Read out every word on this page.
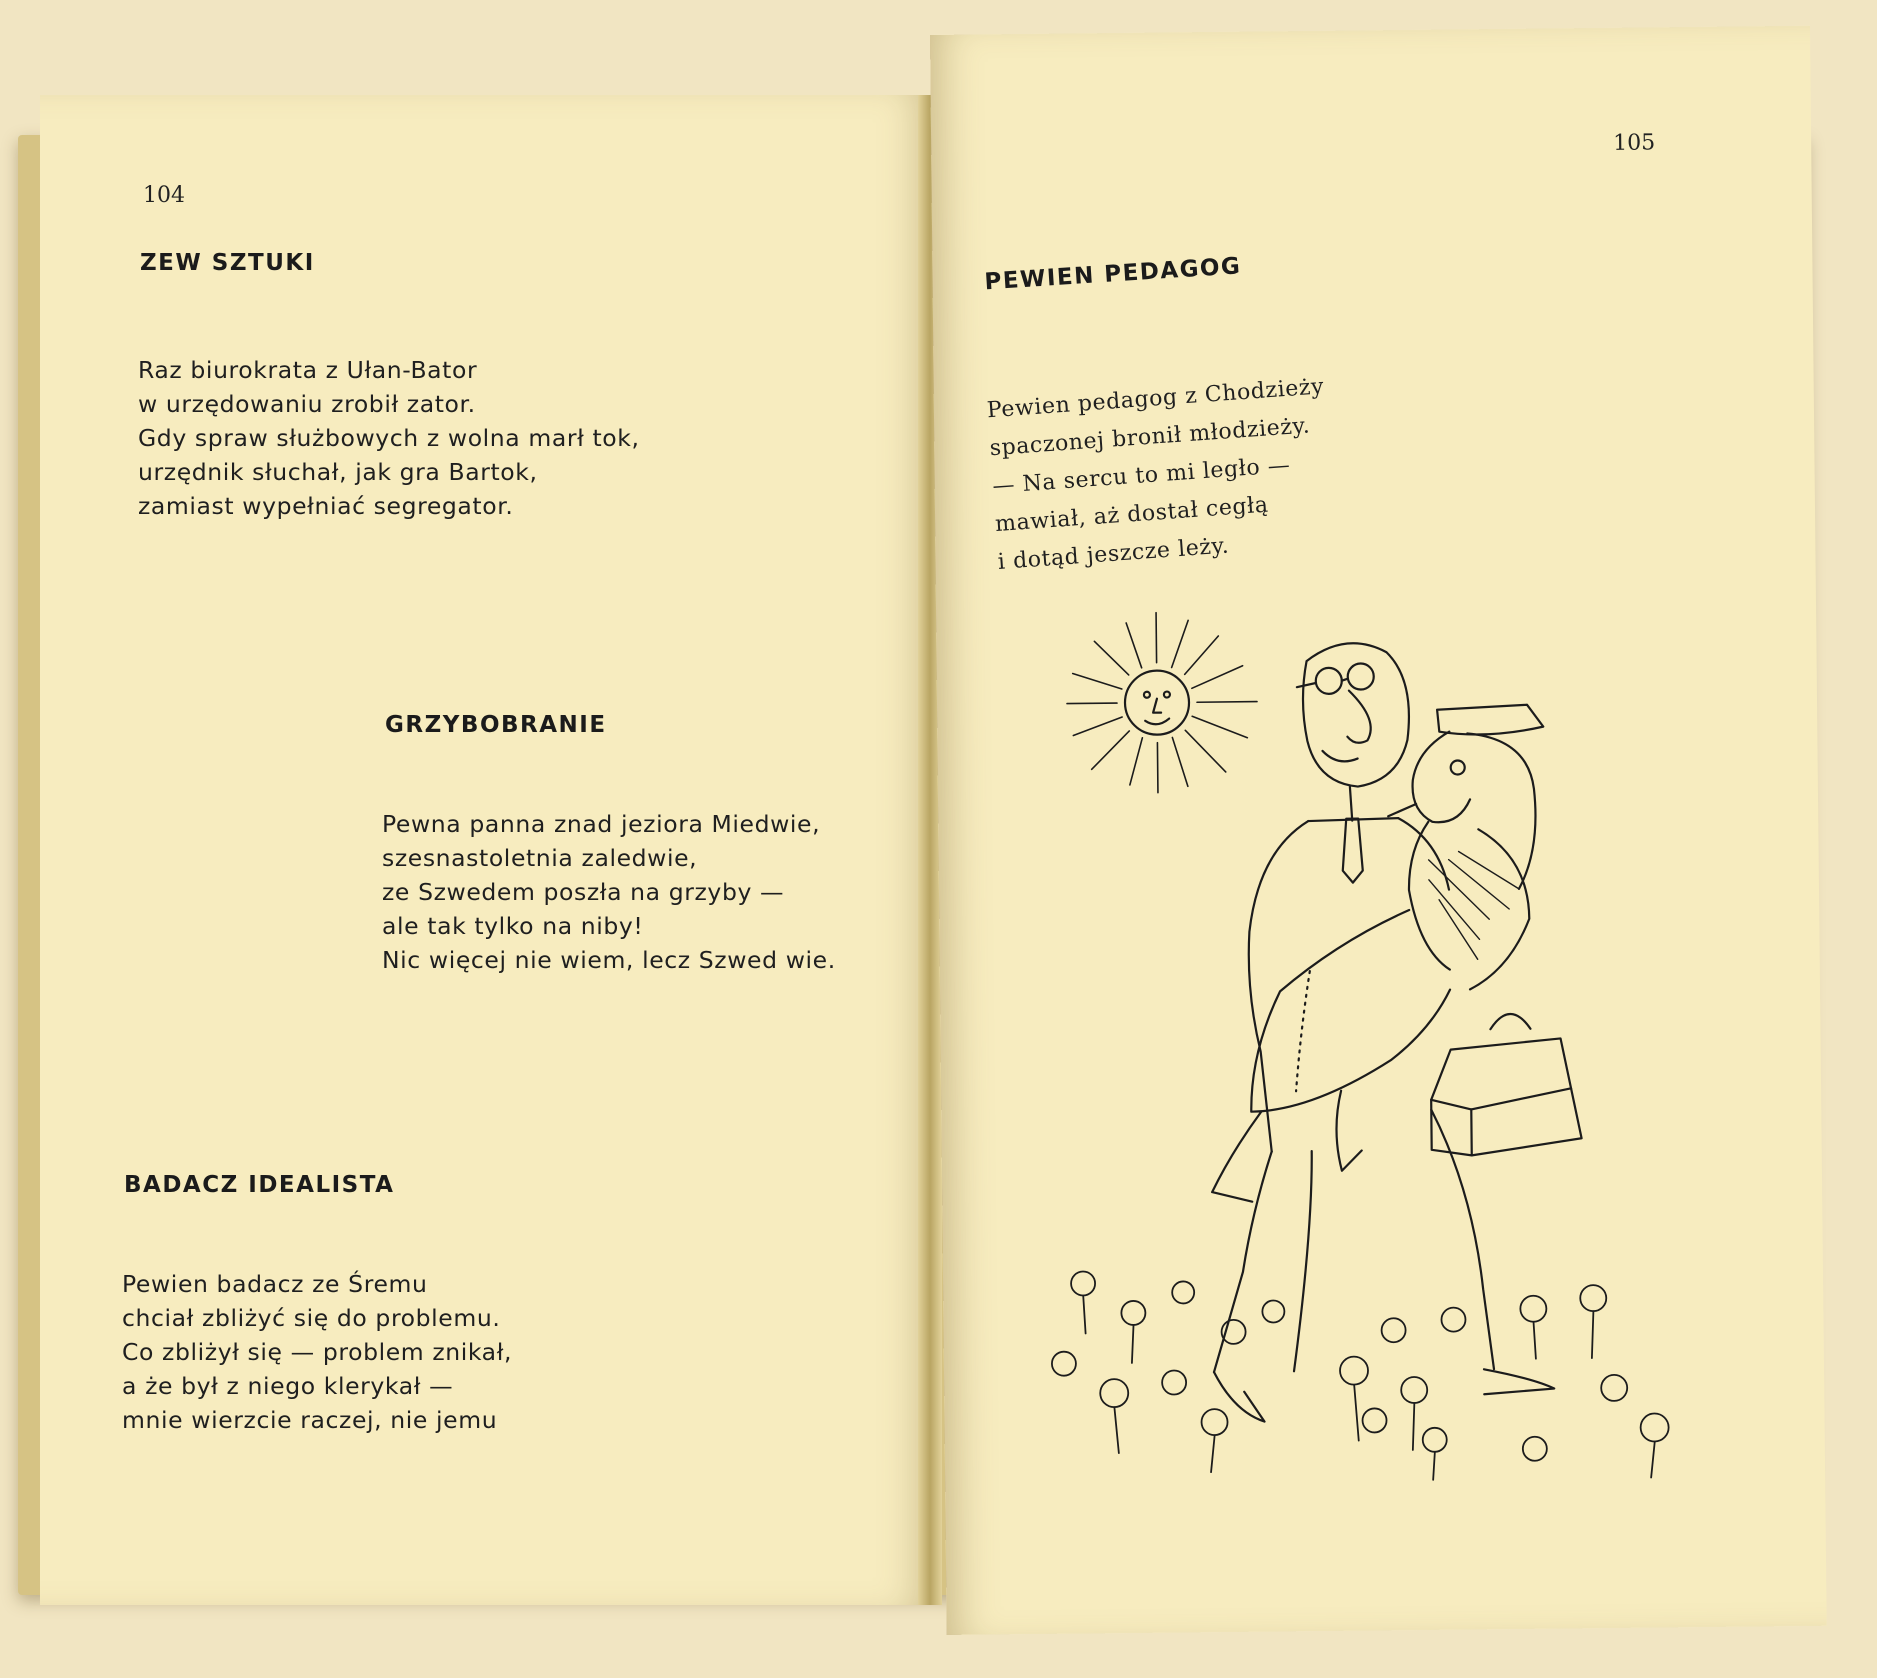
104
ZEW SZTUKI
Raz biurokrata z Ułan-Bator
w urzędowaniu zrobił zator.
Gdy spraw służbowych z wolna marł tok,
urzędnik słuchał, jak gra Bartok,
zamiast wypełniać segregator.
GRZYBOBRANIE
Pewna panna znad jeziora Miedwie,
szesnastoletnia zaledwie,
ze Szwedem poszła na grzyby —
ale tak tylko na niby!
Nic więcej nie wiem, lecz Szwed wie.
BADACZ IDEALISTA
Pewien badacz ze Śremu
chciał zbliżyć się do problemu.
Co zbliżył się — problem znikał,
a że był z niego klerykał —
mnie wierzcie raczej, nie jemu
105
PEWIEN PEDAGOG
Pewien pedagog z Chodzieży
spaczonej bronił młodzieży.
— Na sercu to mi legło —
mawiał, aż dostał cegłą
i dotąd jeszcze leży.
